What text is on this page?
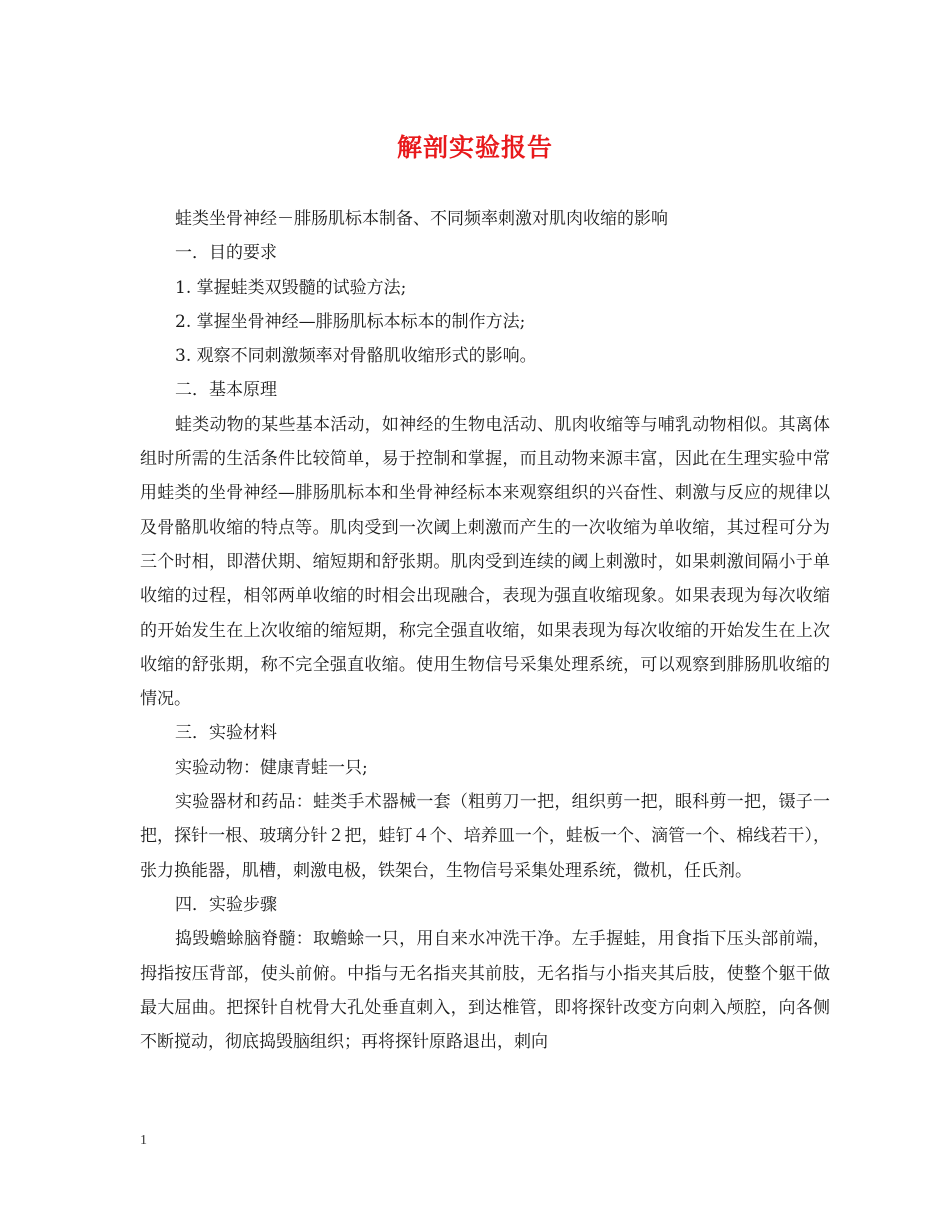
解剖实验报告

蛙类坐骨神经－腓肠肌标本制备、不同频率刺激对肌肉收缩的影响

一．目的要求

1. 掌握蛙类双毁髓的试验方法;

2. 掌握坐骨神经—腓肠肌标本标本的制作方法;

3. 观察不同刺激频率对骨骼肌收缩形式的影响。

二．基本原理

蛙类动物的某些基本活动，如神经的生物电活动、肌肉收缩等与哺乳动物相似。其离体组时所需的生活条件比较简单，易于控制和掌握，而且动物来源丰富，因此在生理实验中常用蛙类的坐骨神经—腓肠肌标本和坐骨神经标本来观察组织的兴奋性、刺激与反应的规律以及骨骼肌收缩的特点等。肌肉受到一次阈上刺激而产生的一次收缩为单收缩，其过程可分为三个时相，即潜伏期、缩短期和舒张期。肌肉受到连续的阈上刺激时，如果刺激间隔小于单收缩的过程，相邻两单收缩的时相会出现融合，表现为强直收缩现象。如果表现为每次收缩的开始发生在上次收缩的缩短期，称完全强直收缩，如果表现为每次收缩的开始发生在上次收缩的舒张期，称不完全强直收缩。使用生物信号采集处理系统，可以观察到腓肠肌收缩的情况。

三．实验材料

实验动物：健康青蛙一只;

实验器材和药品：蛙类手术器械一套（粗剪刀一把，组织剪一把，眼科剪一把，镊子一把，探针一根、玻璃分针２把，蛙钉４个、培养皿一个，蛙板一个、滴管一个、棉线若干），张力换能器，肌槽，刺激电极，铁架台，生物信号采集处理系统，微机，任氏剂。

四．实验步骤

捣毁蟾蜍脑脊髓：取蟾蜍一只，用自来水冲洗干净。左手握蛙，用食指下压头部前端，拇指按压背部，使头前俯。中指与无名指夹其前肢，无名指与小指夹其后肢，使整个躯干做最大屈曲。把探针自枕骨大孔处垂直刺入，到达椎管，即将探针改变方向刺入颅腔，向各侧不断搅动，彻底捣毁脑组织；再将探针原路退出，刺向

1
